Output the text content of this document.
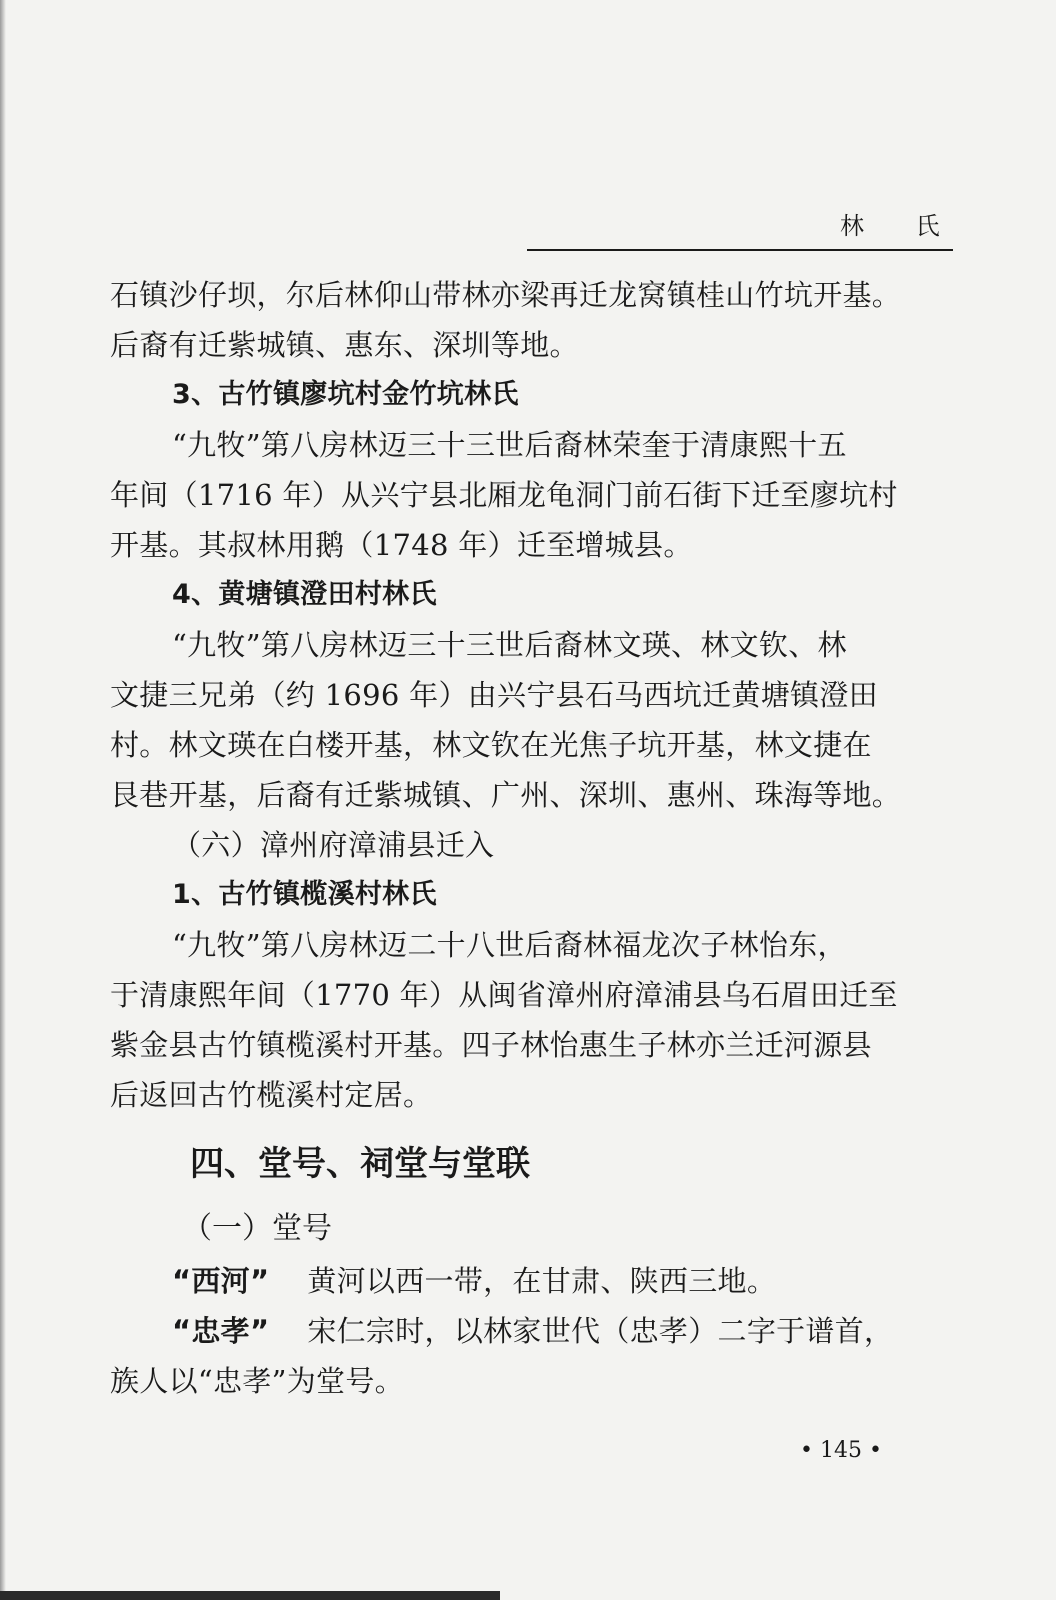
林 氏
石镇沙仔坝，尔后林仰山带林亦梁再迁龙窝镇桂山竹坑开基。
后裔有迁紫城镇、惠东、深圳等地。
3、古竹镇廖坑村金竹坑林氏
“九牧”第八房林迈三十三世后裔林荣奎于清康熙十五
年间（1716 年）从兴宁县北厢龙龟洞门前石街下迁至廖坑村
开基。其叔林用鹅（1748 年）迁至增城县。
4、黄塘镇澄田村林氏
“九牧”第八房林迈三十三世后裔林文瑛、林文钦、林
文捷三兄弟（约 1696 年）由兴宁县石马西坑迁黄塘镇澄田
村。林文瑛在白楼开基，林文钦在光焦子坑开基，林文捷在
艮巷开基，后裔有迁紫城镇、广州、深圳、惠州、珠海等地。
（六）漳州府漳浦县迁入
1、古竹镇榄溪村林氏
“九牧”第八房林迈二十八世后裔林福龙次子林怡东，
于清康熙年间（1770 年）从闽省漳州府漳浦县乌石眉田迁至
紫金县古竹镇榄溪村开基。四子林怡惠生子林亦兰迁河源县
后返回古竹榄溪村定居。
四、堂号、祠堂与堂联
（一）堂号
“西河” 黄河以西一带，在甘肃、陕西三地。
“忠孝” 宋仁宗时，以林家世代（忠孝）二字于谱首，
族人以“忠孝”为堂号。
• 145 •
